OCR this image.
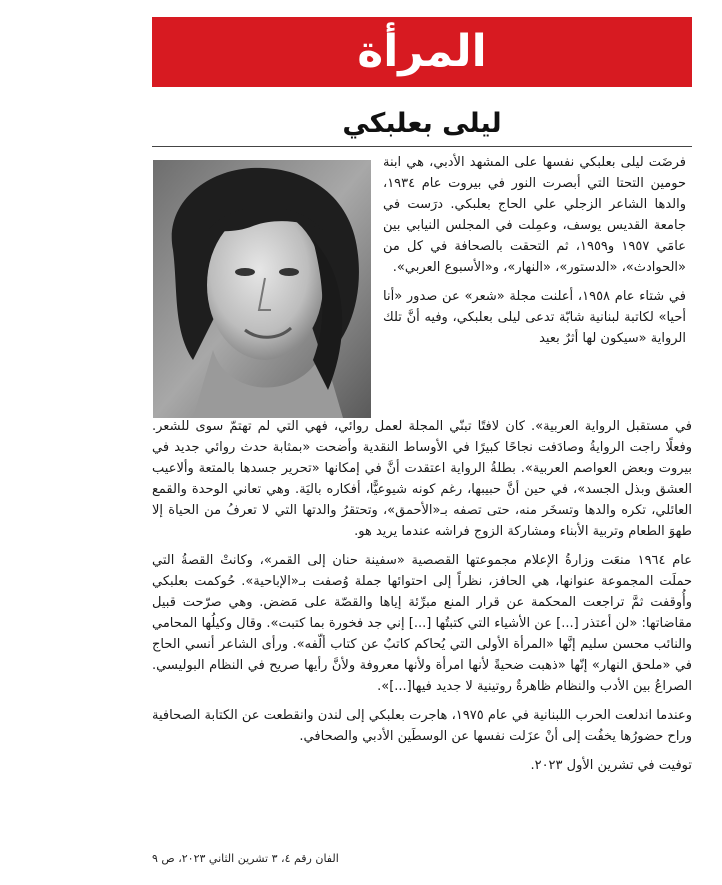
المرأة
ليلى بعلبكي

فرضَت ليلى بعلبكي نفسها على المشهد الأدبي، هي ابنة حومين التحتا التي أبصرت النور في بيروت عام ١٩٣٤، والدها الشاعر الزجلي علي الحاج بعلبكي. درَست في جامعة القديس يوسف، وعمِلت في المجلس النيابي بين عامَي ١٩٥٧ و١٩٥٩، ثم التحقت بالصحافة في كل من «الحوادث»، «الدستور»، «النهار»، و«الأسبوع العربي».

في شتاء عام ١٩٥٨، أعلنت مجلة «شعر» عن صدور «أنا أحيا» لكاتبة لبنانية شابّة تدعى ليلى بعلبكي، وفيه أنَّ تلك الرواية «سيكون لها أثرٌ بعيد

في مستقبل الرواية العربية». كان لافتًا تبنّي المجلة لعمل روائي، فهي التي لم تهتمّ سوى للشعر. وفعلًا راجت الروايةُ وصادَفت نجاحًا كبيرًا في الأوساط النقدية وأضحت «بمثابة حدث روائي جديد في بيروت وبعض العواصم العربية». بطلةُ الرواية اعتقدت أنَّ في إمكانها «تحرير جسدها بالمتعة وألاعيب العشق وبذل الجسد»، في حين أنَّ حبيبها، رغم كونه شيوعيًّا، أفكاره باليَة. وهي تعاني الوحدة والقمع العائلي، تكره والدها وتسخَر منه، حتى تصفه بـ«الأحمق»، وتحتقرُ والدتها التي لا تعرفُ من الحياة إلا طهوَ الطعام وتربية الأبناء ومشاركة الزوج فراشه عندما يريد هو.

عام ١٩٦٤ منعَت وزارةُ الإعلام مجموعتها القصصية «سفينة حنان إلى القمر»، وكانتْ القصةُ التي حملَت المجموعة عنوانها، هي الحافز، نظراً إلى احتوائها جملة وُصفت بـ«الإباحية». حُوكمت بعلبكي وأُوقفت ثمَّ تراجعت المحكمة عن قرار المنع مبرِّئة إياها والقصّة على مَضض. وهي صرّحت قبيل مقاضاتها: «لن أعتذر [...] عن الأشياء التي كتبتُها [...] إني جد فخورة بما كتبت». وقال وكيلُها المحامي والنائب محسن سليم إنَّها «المرأة الأولى التي يُحاكم كاتبٌ عن كتاب ألّفه». ورأى الشاعر أنسي الحاج في «ملحق النهار» إنّها «ذهبت ضحيةً لأنها امرأة ولأنها معروفة ولأنَّ رأيها صريح في النظام البوليسي. الصراعُ بين الأدب والنظام ظاهرةٌ روتينية لا جديد فيها[...]».

وعندما اندلعت الحرب اللبنانية في عام ١٩٧٥، هاجرت بعلبكي إلى لندن وانقطعت عن الكتابة الصحافية وراح حضورُها يخفُت إلى أنْ عزَلت نفسها عن الوسطَين الأدبي والصحافي.

توفيت في تشرين الأول ٢٠٢٣.

الفان رقم ٤، ٣ تشرين الثاني ٢٠٢٣، ص ٩
